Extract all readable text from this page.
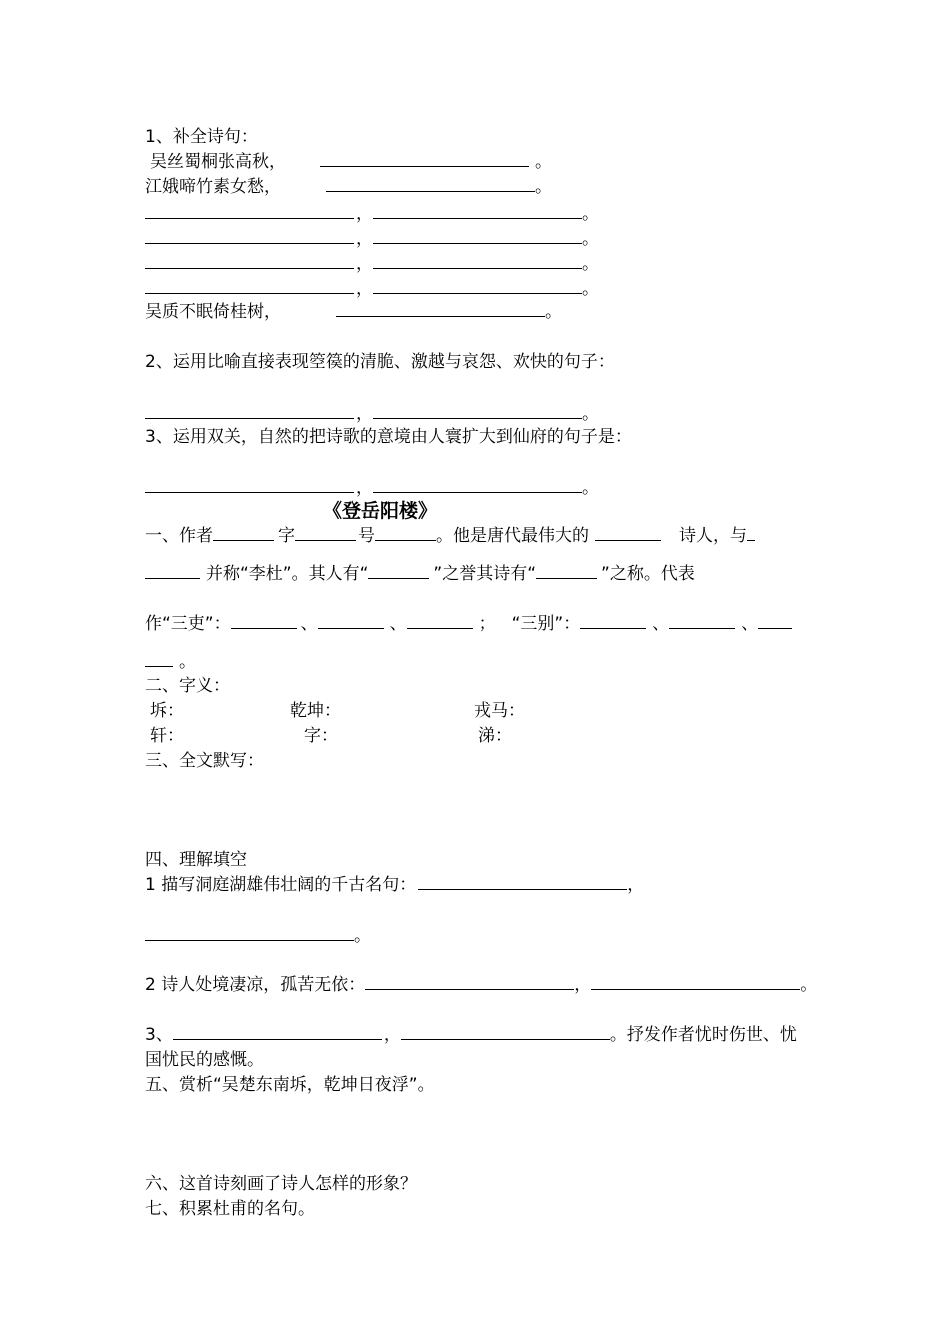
1、补全诗句：
吴丝蜀桐张高秋，	。
江娥啼竹素女愁，	。
，	。
，	。
，	。
，	。
吴质不眠倚桂树，	。
2、运用比喻直接表现箜篌的清脆、激越与哀怨、欢快的句子：
，	。
3、运用双关，自然的把诗歌的意境由人寰扩大到仙府的句子是：
，	。
《登岳阳楼》
一、作者	字	号	。他是唐代最伟大的	诗人，与
并称“李杜”。其人有“	”之誉其诗有“	”之称。代表
作“三吏”：	、	、	； “三别”：	、	、
。
二、字义：
坼：	乾坤：	戎马：
轩：	字：	涕：
三、全文默写：
四、理解填空
1 描写洞庭湖雄伟壮阔的千古名句：	，
。
2 诗人处境凄凉，孤苦无依：	，	。
3、	，	。抒发作者忧时伤世、忧
国忧民的感慨。
五、赏析“吴楚东南坼，乾坤日夜浮”。
六、这首诗刻画了诗人怎样的形象？
七、积累杜甫的名句。
